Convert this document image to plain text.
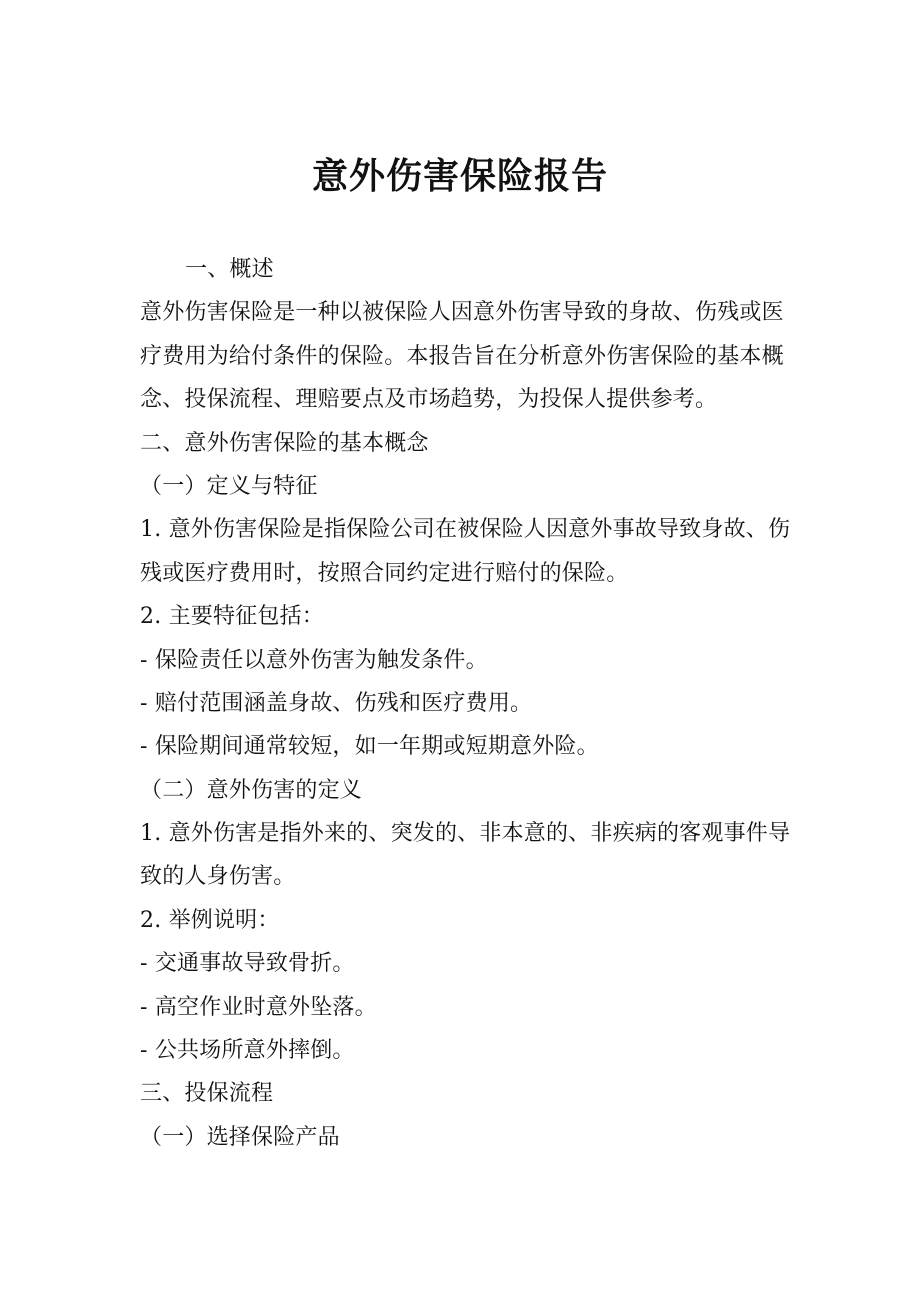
意外伤害保险报告
一、概述
意外伤害保险是一种以被保险人因意外伤害导致的身故、伤残或医
疗费用为给付条件的保险。本报告旨在分析意外伤害保险的基本概
念、投保流程、理赔要点及市场趋势，为投保人提供参考。
二、意外伤害保险的基本概念
（一）定义与特征
1. 意外伤害保险是指保险公司在被保险人因意外事故导致身故、伤
残或医疗费用时，按照合同约定进行赔付的保险。
2. 主要特征包括：
- 保险责任以意外伤害为触发条件。
- 赔付范围涵盖身故、伤残和医疗费用。
- 保险期间通常较短，如一年期或短期意外险。
（二）意外伤害的定义
1. 意外伤害是指外来的、突发的、非本意的、非疾病的客观事件导
致的人身伤害。
2. 举例说明：
- 交通事故导致骨折。
- 高空作业时意外坠落。
- 公共场所意外摔倒。
三、投保流程
（一）选择保险产品
